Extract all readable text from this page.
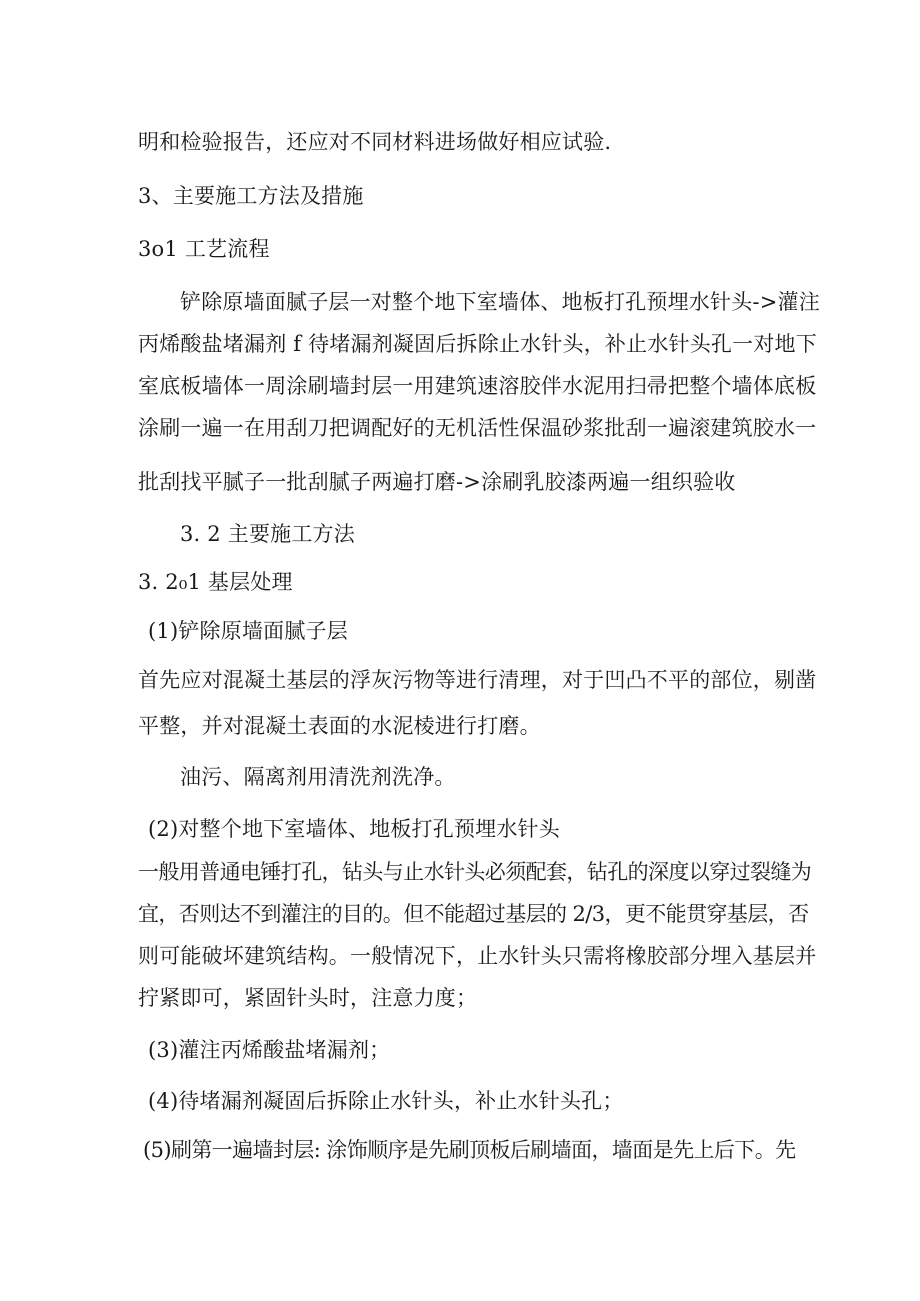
明和检验报告，还应对不同材料进场做好相应试验.
3、主要施工方法及措施
3o1 工艺流程
铲除原墙面腻子层一对整个地下室墙体、地板打孔预埋水针头->灌注
丙烯酸盐堵漏剂 f 待堵漏剂凝固后拆除止水针头，补止水针头孔一对地下
室底板墙体一周涂刷墙封层一用建筑速溶胶伴水泥用扫帚把整个墙体底板
涂刷一遍一在用刮刀把调配好的无机活性保温砂浆批刮一遍滚建筑胶水一
批刮找平腻子一批刮腻子两遍打磨->涂刷乳胶漆两遍一组织验收
3. 2 主要施工方法
3. 2₀1 基层处理
(1)铲除原墙面腻子层
首先应对混凝土基层的浮灰污物等进行清理，对于凹凸不平的部位，剔凿
平整，并对混凝土表面的水泥棱进行打磨。
油污、隔离剂用清洗剂洗净。
(2)对整个地下室墙体、地板打孔预埋水针头
一般用普通电锤打孔，钻头与止水针头必须配套，钻孔的深度以穿过裂缝为
宜，否则达不到灌注的目的。但不能超过基层的 2/3，更不能贯穿基层，否
则可能破坏建筑结构。一般情况下，止水针头只需将橡胶部分埋入基层并
拧紧即可，紧固针头时，注意力度；
(3)灌注丙烯酸盐堵漏剂；
(4)待堵漏剂凝固后拆除止水针头，补止水针头孔；
(5)刷第一遍墙封层: 涂饰顺序是先刷顶板后刷墙面，墙面是先上后下。先
